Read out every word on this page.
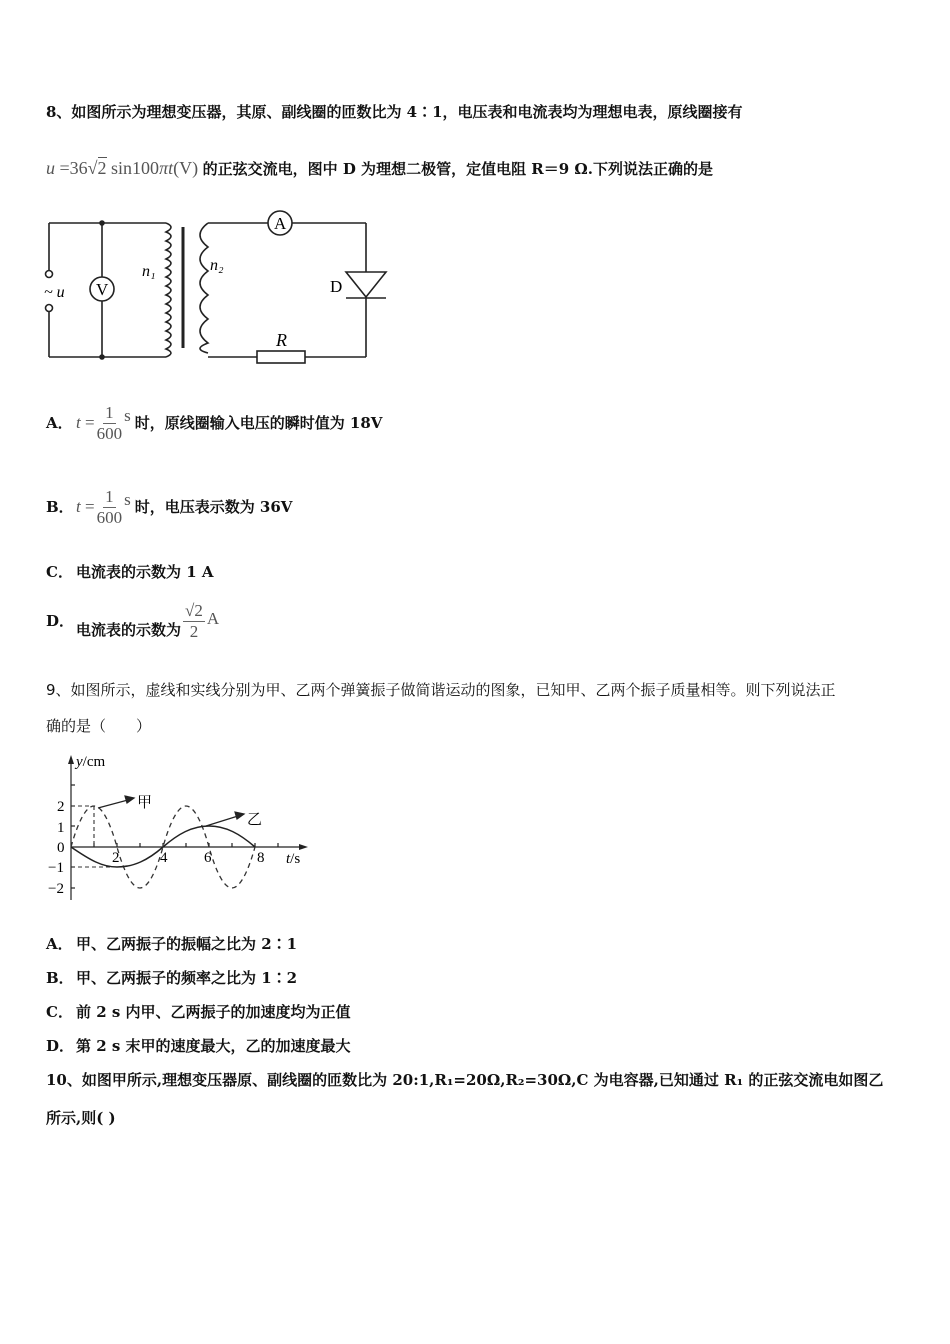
8、如图所示为理想变压器，其原、副线圈的匝数比为 4∶1，电压表和电流表均为理想电表，原线圈接有
u =36√2 sin100πt(V) 的正弦交流电，图中 D 为理想二极管，定值电阻 R＝9 Ω.下列说法正确的是
V
A
~ u
n₁	n₂
D
R
A． $t = \frac{1}{600}$ s 时，原线圈输入电压的瞬时值为 18V
B． $t = \frac{1}{600}$ s 时，电压表示数为 36V
C． 电流表的示数为 1 A
D． 电流表的示数为 $\frac{√2}{2}$ A
9、如图所示，虚线和实线分别为甲、乙两个弹簧振子做简谐运动的图象，已知甲、乙两个振子质量相等。则下列说法正
确的是（　　）
y/cm
t/s
2
1
0
−1
−2
2	4 6	8
甲
乙
A． 甲、乙两振子的振幅之比为 2∶1
B． 甲、乙两振子的频率之比为 1∶2
C． 前 2 s 内甲、乙两振子的加速度均为正值
D． 第 2 s 末甲的速度最大，乙的加速度最大
10、如图甲所示,理想变压器原、副线圈的匝数比为 20:1,R₁=20Ω,R₂=30Ω,C 为电容器,已知通过 R₁ 的正弦交流电如图乙
所示,则( )
